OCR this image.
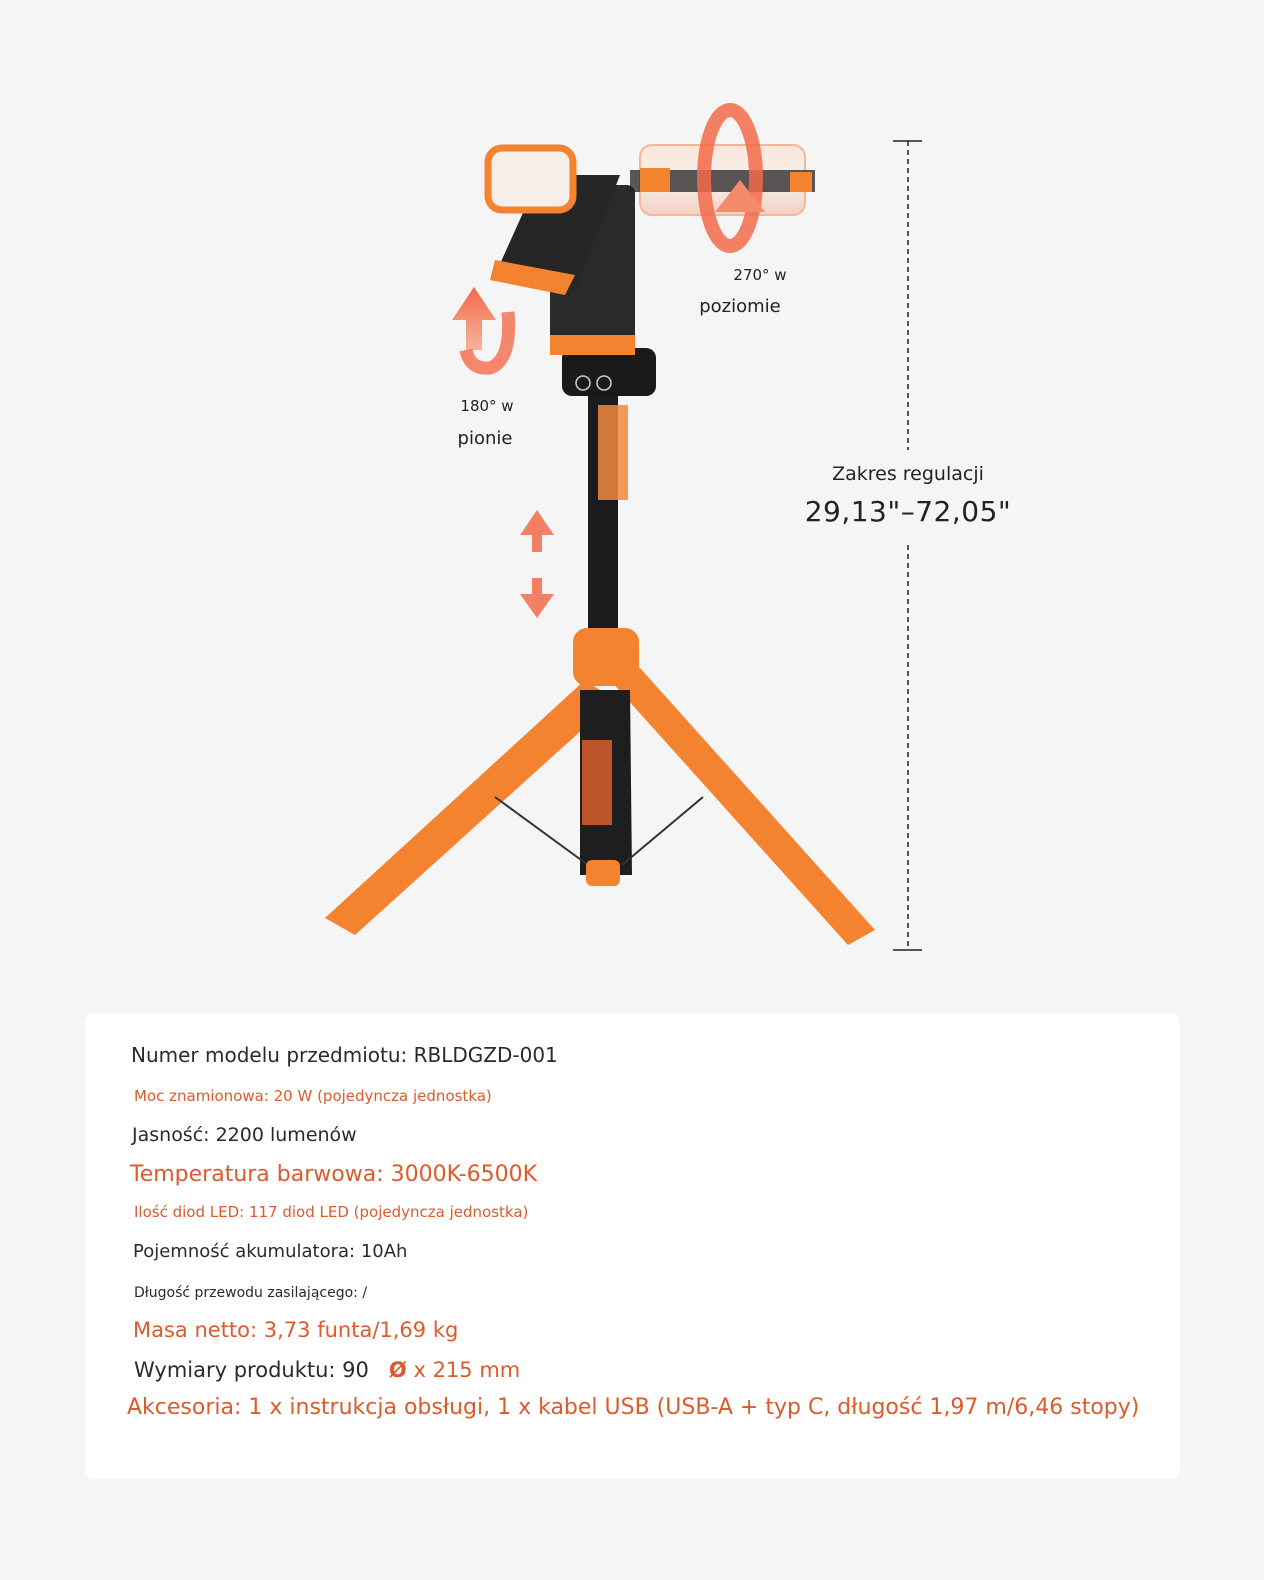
270° w
poziomie
180° w
pionie
Zakres regulacji
29,13"–72,05"
Numer modelu przedmiotu: RBLDGZD-001
Moc znamionowa: 20 W (pojedyncza jednostka)
Jasność: 2200 lumenów
Temperatura barwowa: 3000K-6500K
Ilość diod LED: 117 diod LED (pojedyncza jednostka)
Pojemność akumulatora: 10Ah
Długość przewodu zasilającego: /
Masa netto: 3,73 funta/1,69 kg
Wymiary produktu: 90 Ø x 215 mm
Akcesoria: 1 x instrukcja obsługi, 1 x kabel USB (USB-A + typ C, długość 1,97 m/6,46 stopy)
